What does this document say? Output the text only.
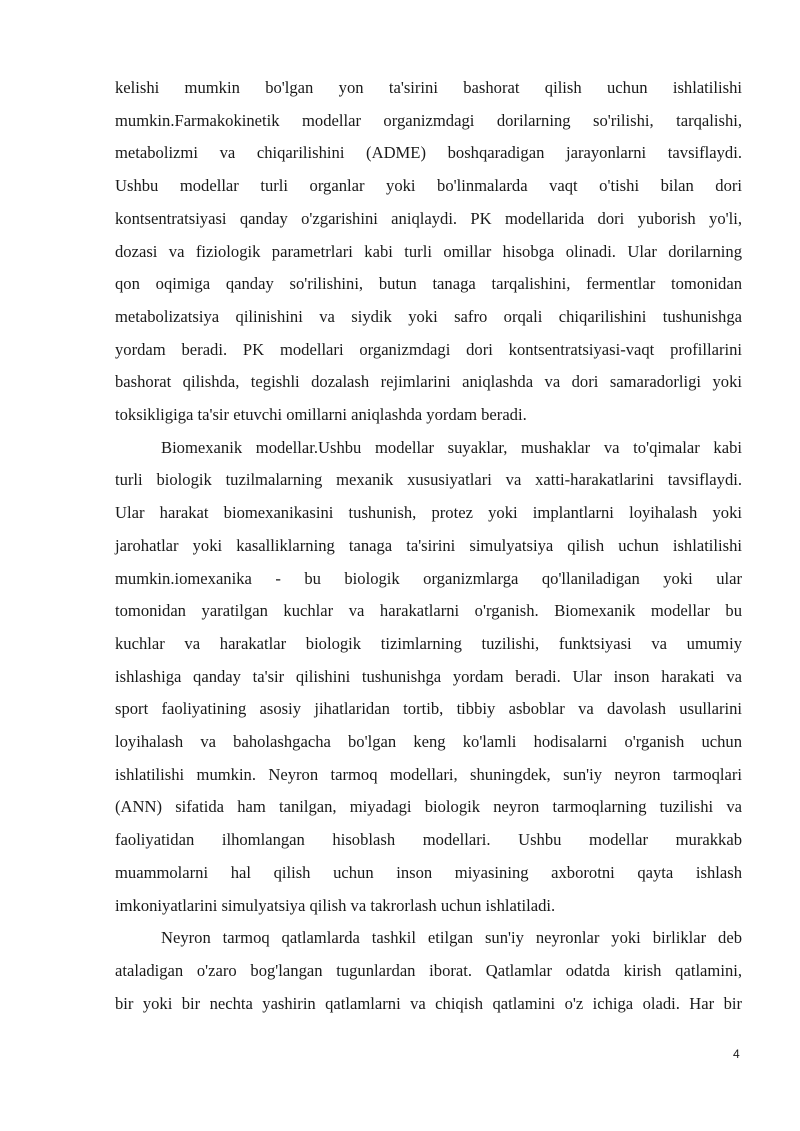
kelishi mumkin bo'lgan yon ta'sirini bashorat qilish uchun ishlatilishi

mumkin.Farmakokinetik modellar organizmdagi dorilarning so'rilishi, tarqalishi,

metabolizmi va chiqarilishini (ADME) boshqaradigan jarayonlarni tavsiflaydi.

Ushbu modellar turli organlar yoki bo'linmalarda vaqt o'tishi bilan dori

kontsentratsiyasi qanday o'zgarishini aniqlaydi. PK modellarida dori yuborish yo'li,

dozasi va fiziologik parametrlari kabi turli omillar hisobga olinadi. Ular dorilarning

qon oqimiga qanday so'rilishini, butun tanaga tarqalishini, fermentlar tomonidan

metabolizatsiya qilinishini va siydik yoki safro orqali chiqarilishini tushunishga

yordam beradi. PK modellari organizmdagi dori kontsentratsiyasi-vaqt profillarini

bashorat qilishda, tegishli dozalash rejimlarini aniqlashda va dori samaradorligi yoki

toksikligiga ta'sir etuvchi omillarni aniqlashda yordam beradi.

Biomexanik modellar.Ushbu modellar suyaklar, mushaklar va to'qimalar kabi

turli biologik tuzilmalarning mexanik xususiyatlari va xatti-harakatlarini tavsiflaydi.

Ular harakat biomexanikasini tushunish, protez yoki implantlarni loyihalash yoki

jarohatlar yoki kasalliklarning tanaga ta'sirini simulyatsiya qilish uchun ishlatilishi

mumkin.iomexanika - bu biologik organizmlarga qo'llaniladigan yoki ular

tomonidan yaratilgan kuchlar va harakatlarni o'rganish. Biomexanik modellar bu

kuchlar va harakatlar biologik tizimlarning tuzilishi, funktsiyasi va umumiy

ishlashiga qanday ta'sir qilishini tushunishga yordam beradi. Ular inson harakati va

sport faoliyatining asosiy jihatlaridan tortib, tibbiy asboblar va davolash usullarini

loyihalash va baholashgacha bo'lgan keng ko'lamli hodisalarni o'rganish uchun

ishlatilishi mumkin. Neyron tarmoq modellari, shuningdek, sun'iy neyron tarmoqlari

(ANN) sifatida ham tanilgan, miyadagi biologik neyron tarmoqlarning tuzilishi va

faoliyatidan ilhomlangan hisoblash modellari. Ushbu modellar murakkab

muammolarni hal qilish uchun inson miyasining axborotni qayta ishlash

imkoniyatlarini simulyatsiya qilish va takrorlash uchun ishlatiladi.

Neyron tarmoq qatlamlarda tashkil etilgan sun'iy neyronlar yoki birliklar deb

ataladigan o'zaro bog'langan tugunlardan iborat. Qatlamlar odatda kirish qatlamini,

bir yoki bir nechta yashirin qatlamlarni va chiqish qatlamini o'z ichiga oladi. Har bir

4
